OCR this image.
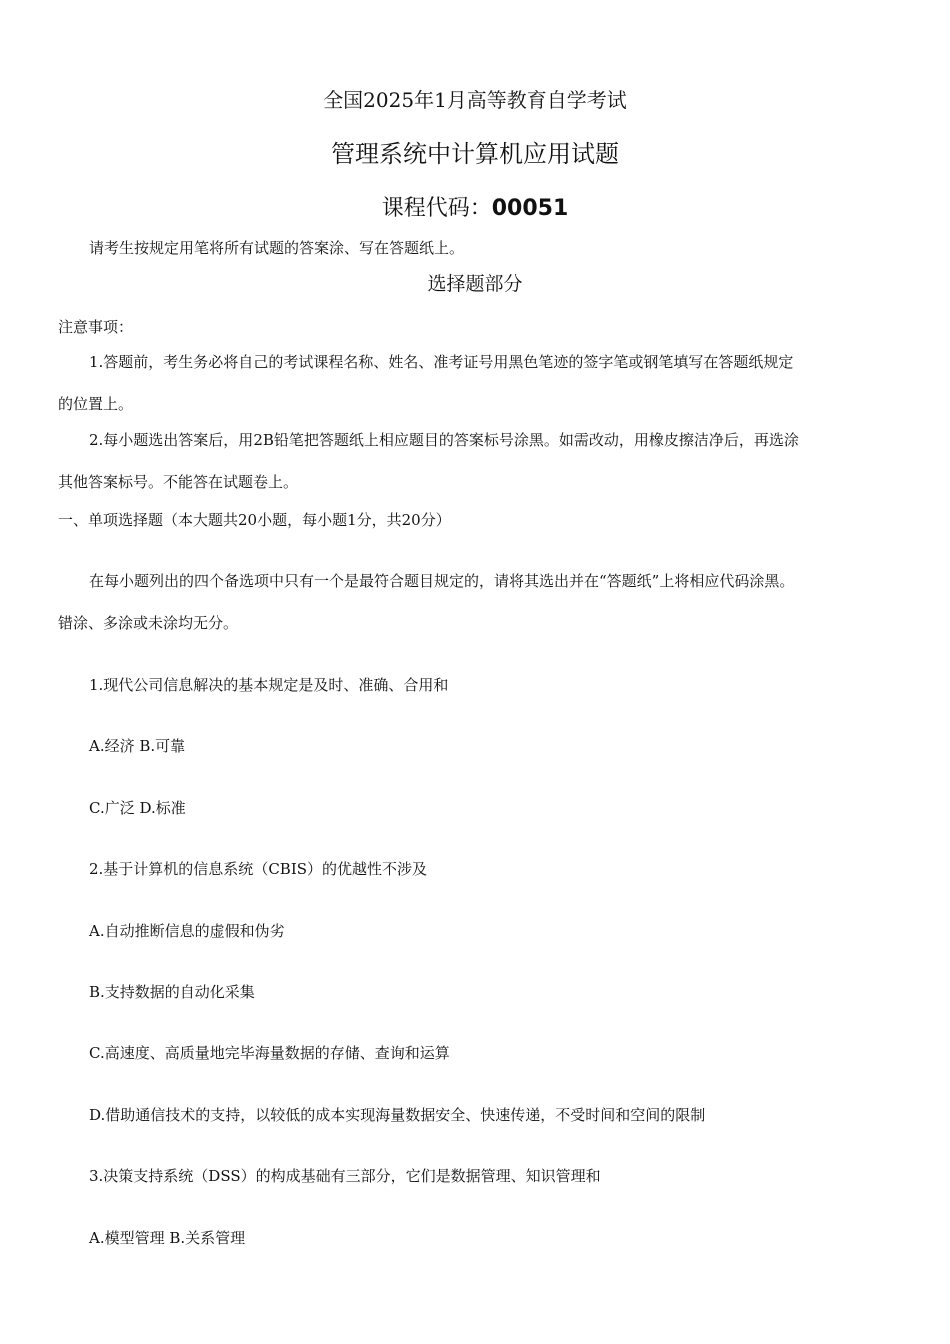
全国2025年1月高等教育自学考试
管理系统中计算机应用试题
课程代码：00051
请考生按规定用笔将所有试题的答案涂、写在答题纸上。
选择题部分
注意事项：
1.答题前，考生务必将自己的考试课程名称、姓名、准考证号用黑色笔迹的签字笔或钢笔填写在答题纸规定
的位置上。
2.每小题选出答案后，用2B铅笔把答题纸上相应题目的答案标号涂黑。如需改动，用橡皮擦洁净后，再选涂
其他答案标号。不能答在试题卷上。
一、单项选择题（本大题共20小题，每小题1分，共20分）
在每小题列出的四个备选项中只有一个是最符合题目规定的，请将其选出并在“答题纸”上将相应代码涂黑。
错涂、多涂或未涂均无分。
1.现代公司信息解决的基本规定是及时、准确、合用和
A.经济 B.可靠
C.广泛 D.标准
2.基于计算机的信息系统（CBIS）的优越性不涉及
A.自动推断信息的虚假和伪劣
B.支持数据的自动化采集
C.高速度、高质量地完毕海量数据的存储、查询和运算
D.借助通信技术的支持，以较低的成本实现海量数据安全、快速传递，不受时间和空间的限制
3.决策支持系统（DSS）的构成基础有三部分，它们是数据管理、知识管理和
A.模型管理 B.关系管理
